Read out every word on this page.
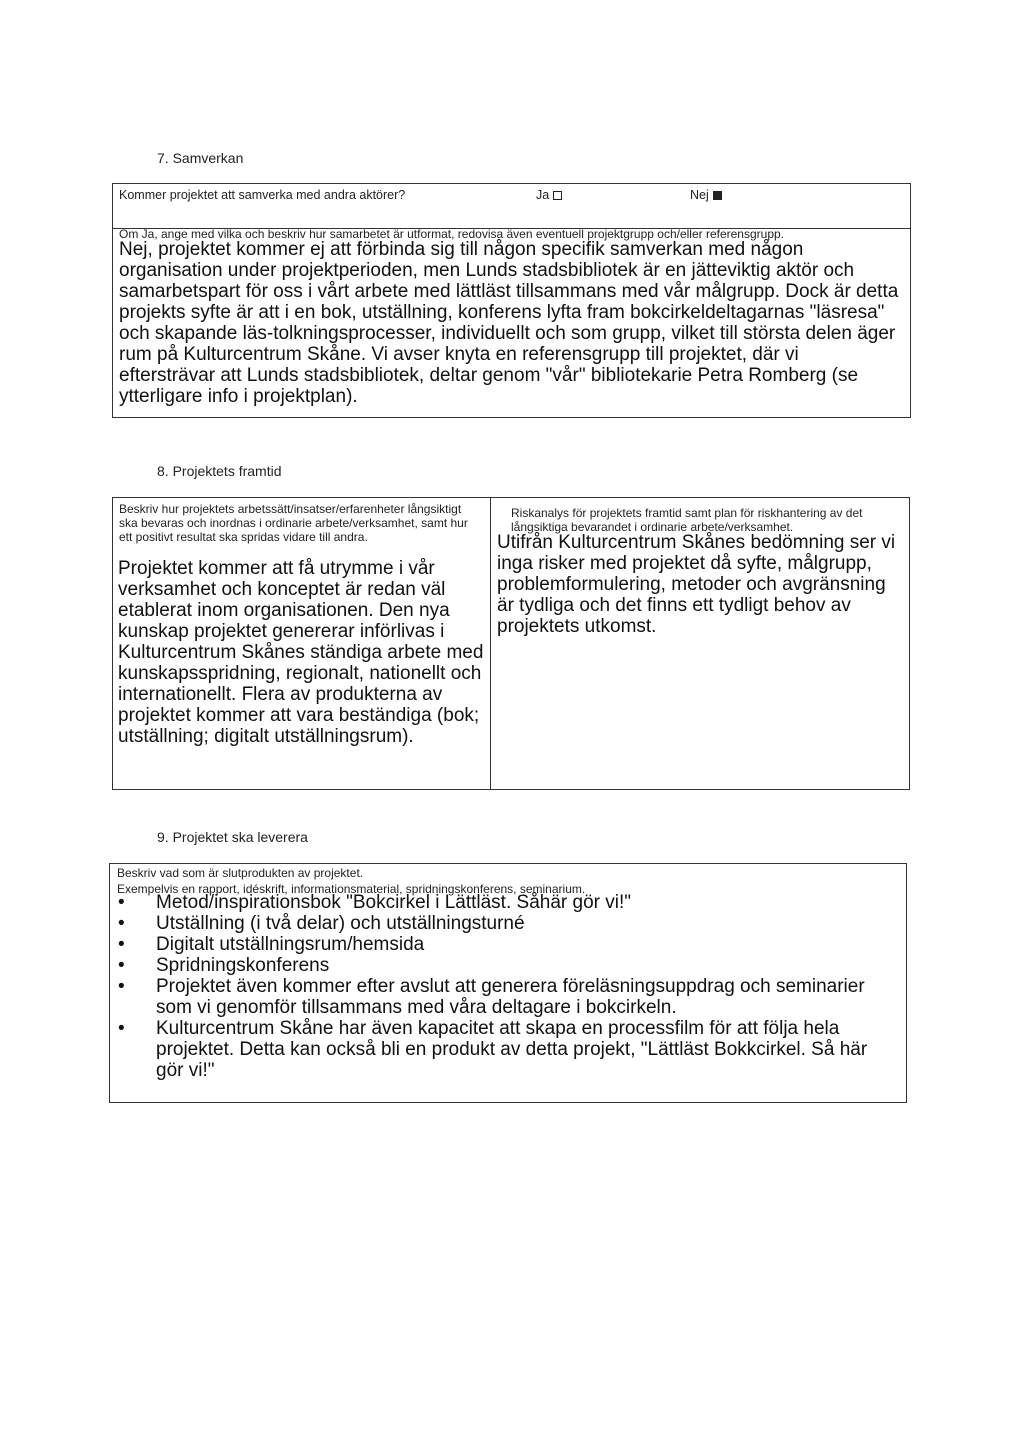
7. Samverkan
Kommer projektet att samverka med andra aktörer?	Ja	Nej
Om Ja, ange med vilka och beskriv hur samarbetet är utformat, redovisa även eventuell projektgrupp och/eller referensgrupp.
Nej, projektet kommer ej att förbinda sig till någon specifik samverkan med någon organisation under projektperioden, men Lunds stadsbibliotek är en jätteviktig aktör och samarbetspart för oss i vårt arbete med lättläst tillsammans med vår målgrupp. Dock är detta projekts syfte är att i en bok, utställning, konferens lyfta fram bokcirkeldeltagarnas "läsresa" och skapande läs-tolkningsprocesser, individuellt och som grupp, vilket till största delen äger rum på Kulturcentrum Skåne. Vi avser knyta en referensgrupp till projektet, där vi eftersträvar att Lunds stadsbibliotek, deltar genom "vår" bibliotekarie Petra Romberg (se ytterligare info i projektplan).
8. Projektets framtid
Beskriv hur projektets arbetssätt/insatser/erfarenheter långsiktigt ska bevaras och inordnas i ordinarie arbete/verksamhet, samt hur ett positivt resultat ska spridas vidare till andra.
Projektet kommer att få utrymme i vår verksamhet och konceptet är redan väl etablerat inom organisationen. Den nya kunskap projektet genererar införlivas i Kulturcentrum Skånes ständiga arbete med kunskapsspridning, regionalt, nationellt och internationellt. Flera av produkterna av projektet kommer att vara beständiga (bok; utställning; digitalt utställningsrum).
Riskanalys för projektets framtid samt plan för riskhantering av det långsiktiga bevarandet i ordinarie arbete/verksamhet.
Utifrån Kulturcentrum Skånes bedömning ser vi inga risker med projektet då syfte, målgrupp, problemformulering, metoder och avgränsning är tydliga och det finns ett tydligt behov av projektets utkomst.
9. Projektet ska leverera
Beskriv vad som är slutprodukten av projektet.
Exempelvis en rapport, idéskrift, informationsmaterial, spridningskonferens, seminarium.
• Metod/inspirationsbok "Bokcirkel i Lättläst. Såhär gör vi!"
• Utställning (i två delar) och utställningsturné
• Digitalt utställningsrum/hemsida
• Spridningskonferens
• Projektet även kommer efter avslut att generera föreläsningsuppdrag och seminarier som vi genomför tillsammans med våra deltagare i bokcirkeln.
• Kulturcentrum Skåne har även kapacitet att skapa en processfilm för att följa hela projektet. Detta kan också bli en produkt av detta projekt, "Lättläst Bokkcirkel. Så här gör vi!"
